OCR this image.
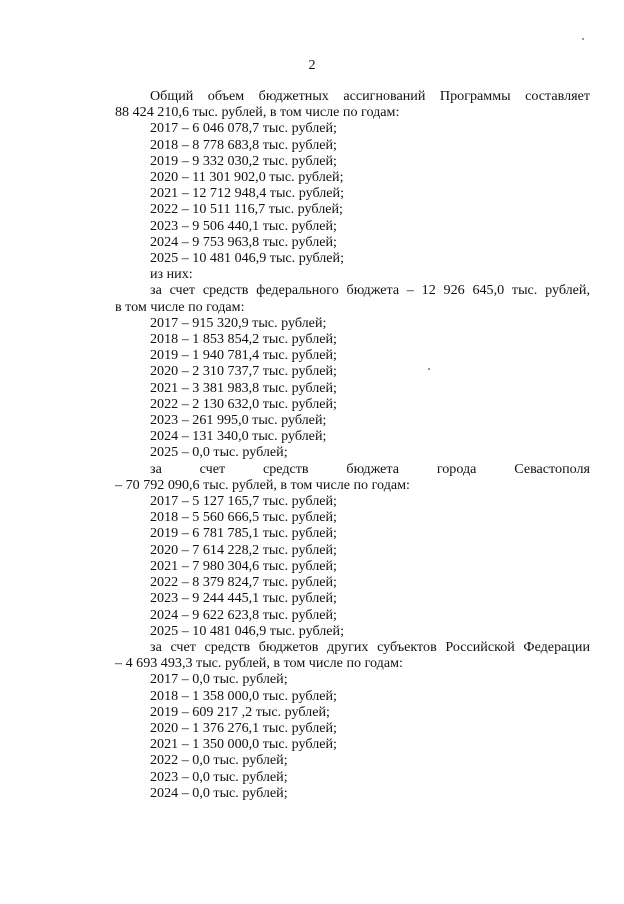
2

Общий объем бюджетных ассигнований Программы составляет

88 424 210,6 тыс. рублей, в том числе по годам:

2017 – 6 046 078,7 тыс. рублей;

2018 – 8 778 683,8 тыс. рублей;

2019 – 9 332 030,2 тыс. рублей;

2020 – 11 301 902,0 тыс. рублей;

2021 – 12 712 948,4 тыс. рублей;

2022 – 10 511 116,7 тыс. рублей;

2023 – 9 506 440,1 тыс. рублей;

2024 – 9 753 963,8 тыс. рублей;

2025 – 10 481 046,9 тыс. рублей;

из них:

за счет средств федерального бюджета – 12 926 645,0 тыс. рублей,

в том числе по годам:

2017 – 915 320,9 тыс. рублей;

2018 – 1 853 854,2 тыс. рублей;

2019 – 1 940 781,4 тыс. рублей;

2020 – 2 310 737,7 тыс. рублей;

2021 – 3 381 983,8 тыс. рублей;

2022 – 2 130 632,0 тыс. рублей;

2023 – 261 995,0 тыс. рублей;

2024 – 131 340,0 тыс. рублей;

2025 – 0,0 тыс. рублей;

за счет средств бюджета города Севастополя

– 70 792 090,6 тыс. рублей, в том числе по годам:

2017 – 5 127 165,7 тыс. рублей;

2018 – 5 560 666,5 тыс. рублей;

2019 – 6 781 785,1 тыс. рублей;

2020 – 7 614 228,2 тыс. рублей;

2021 – 7 980 304,6 тыс. рублей;

2022 – 8 379 824,7 тыс. рублей;

2023 – 9 244 445,1 тыс. рублей;

2024 – 9 622 623,8 тыс. рублей;

2025 – 10 481 046,9 тыс. рублей;

за счет средств бюджетов других субъектов Российской Федерации

– 4 693 493,3 тыс. рублей, в том числе по годам:

2017 – 0,0 тыс. рублей;

2018 – 1 358 000,0 тыс. рублей;

2019 – 609 217 ,2 тыс. рублей;

2020 – 1 376 276,1 тыс. рублей;

2021 – 1 350 000,0 тыс. рублей;

2022 – 0,0 тыс. рублей;

2023 – 0,0 тыс. рублей;

2024 – 0,0 тыс. рублей;
